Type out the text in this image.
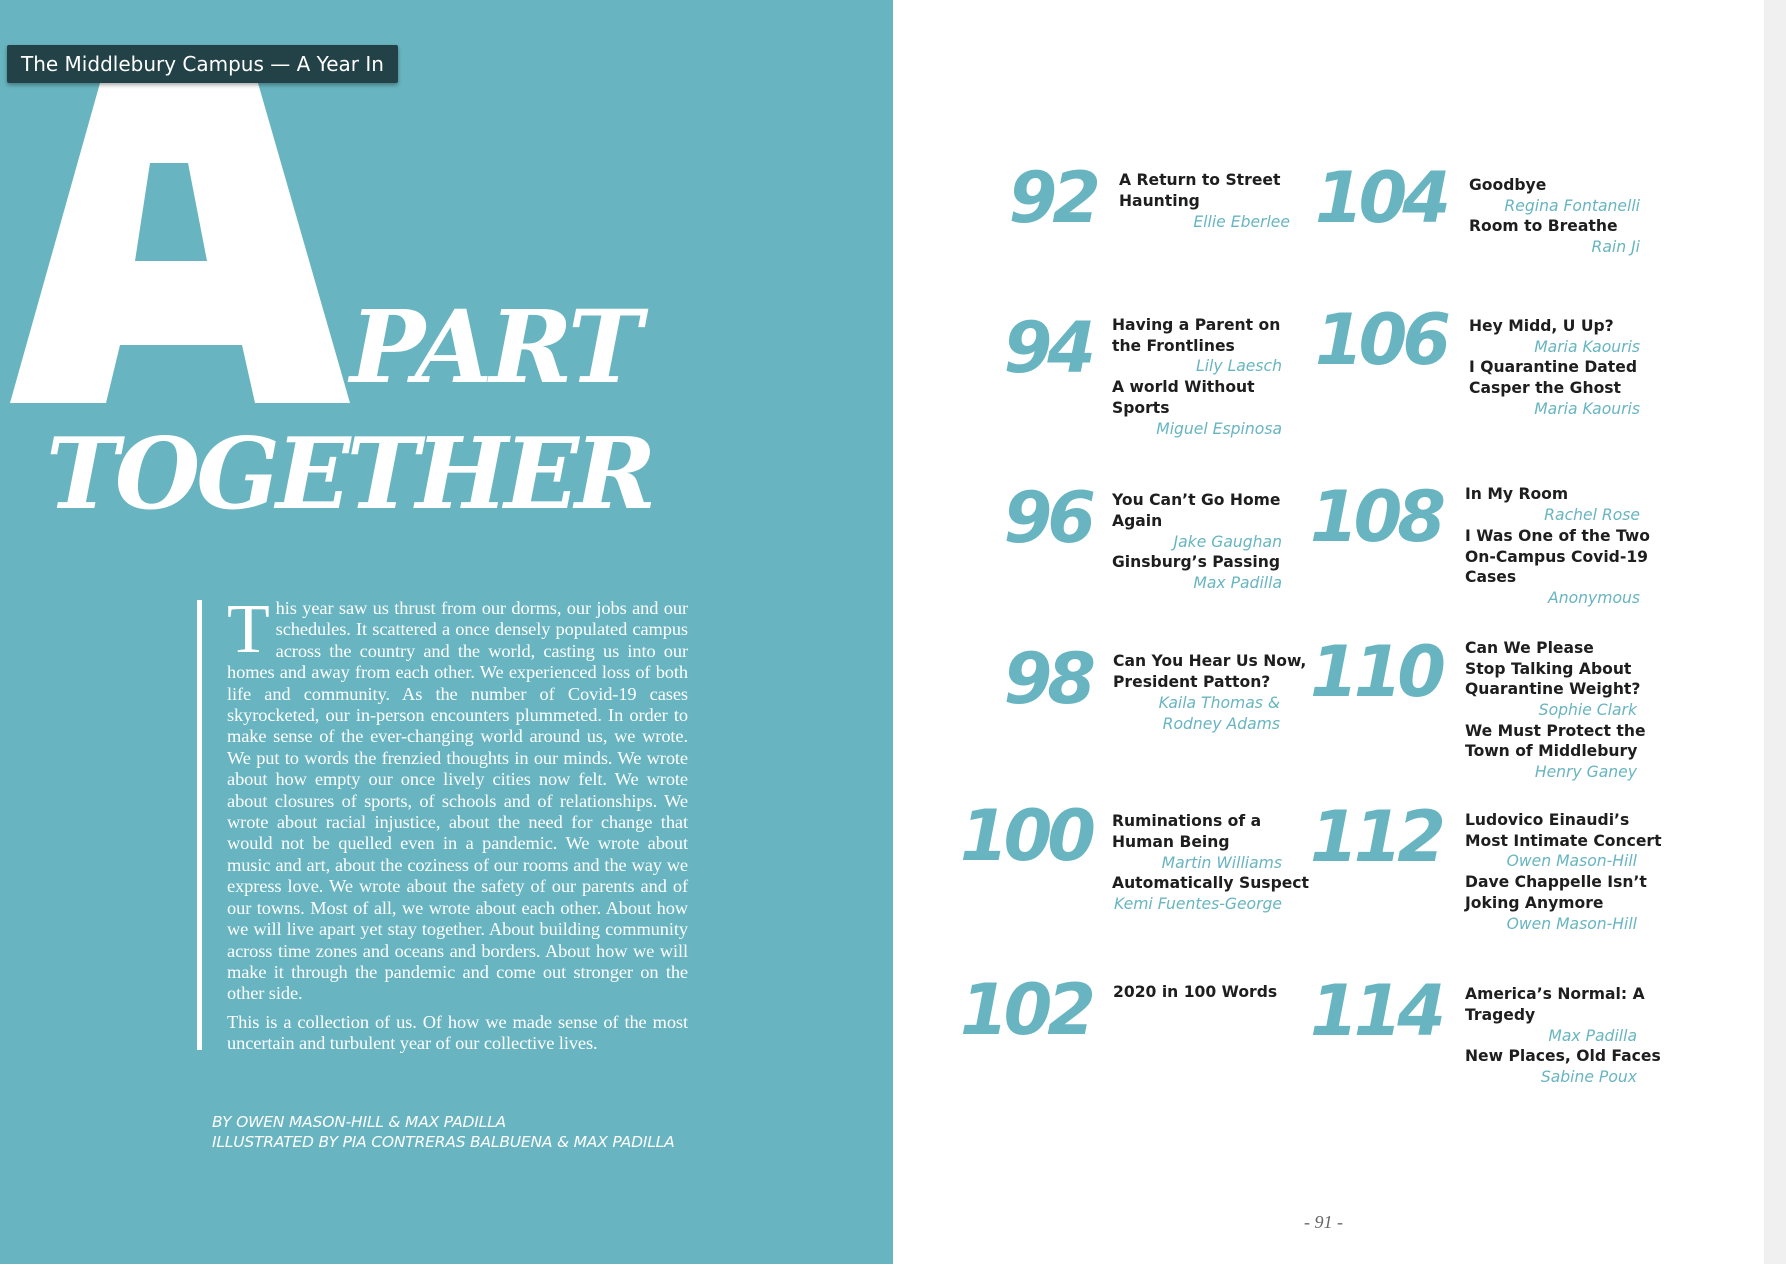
The Middlebury Campus — A Year In
PART
TOGETHER

This year saw us thrust from our dorms, our jobs and our schedules. It scattered a once densely populated campus across the country and the world, casting us into our homes and away from each other. We experienced loss of both life and community. As the number of Covid-19 cases skyrocketed, our in-person encounters plummeted. In order to make sense of the ever-changing world around us, we wrote. We put to words the frenzied thoughts in our minds. We wrote about how empty our once lively cities now felt. We wrote about closures of sports, of schools and of relationships. We wrote about racial injustice, about the need for change that would not be quelled even in a pandemic. We wrote about music and art, about the coziness of our rooms and the way we express love. We wrote about the safety of our parents and of our towns. Most of all, we wrote about each other. About how we will live apart yet stay together. About building community across time zones and oceans and borders. About how we will make it through the pandemic and come out stronger on the other side.

This is a collection of us. Of how we made sense of the most uncertain and turbulent year of our collective lives.

BY OWEN MASON-HILL & MAX PADILLA
ILLUSTRATED BY PIA CONTRERAS BALBUENA & MAX PADILLA
92 A Return to Street
Haunting
Ellie Eberlee
94 Having a Parent on
the Frontlines
Lily Laesch
A world Without
Sports
Miguel Espinosa
96 You Can’t Go Home
Again
Jake Gaughan
Ginsburg’s Passing
Max Padilla
98 Can You Hear Us Now,
President Patton?
Kaila Thomas &
Rodney Adams
100 Ruminations of a
Human Being
Martin Williams
Automatically Suspect
Kemi Fuentes-George
102 2020 in 100 Words
104 Goodbye
Regina Fontanelli
Room to Breathe
Rain Ji
106 Hey Midd, U Up?
Maria Kaouris
I Quarantine Dated
Casper the Ghost
Maria Kaouris
108 In My Room
Rachel Rose
I Was One of the Two
On-Campus Covid-19
Cases
Anonymous
110 Can We Please
Stop Talking About
Quarantine Weight?
Sophie Clark
We Must Protect the
Town of Middlebury
Henry Ganey
112 Ludovico Einaudi’s
Most Intimate Concert
Owen Mason-Hill
Dave Chappelle Isn’t
Joking Anymore
Owen Mason-Hill
114 America’s Normal: A
Tragedy
Max Padilla
New Places, Old Faces
Sabine Poux
- 91 -
